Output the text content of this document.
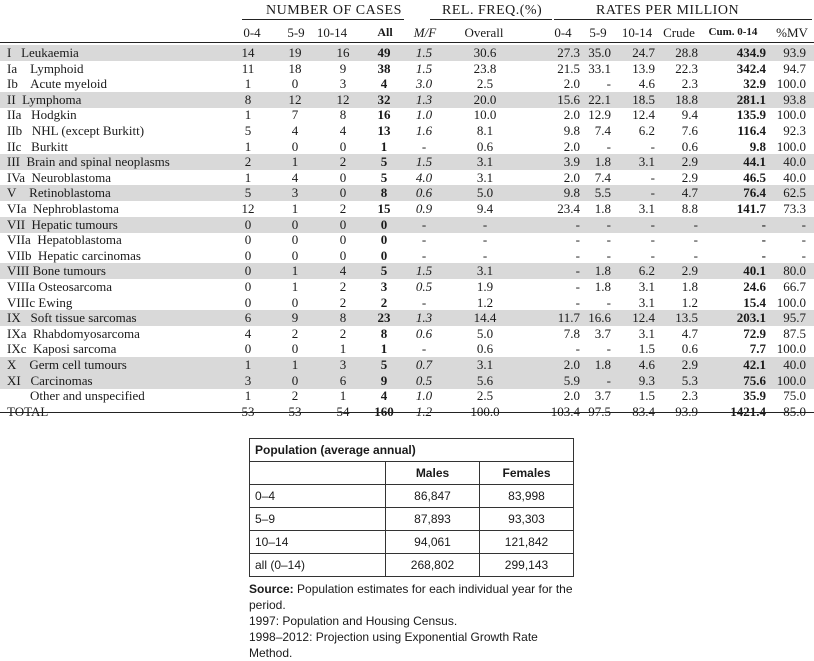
NUMBER OF CASES	REL. FREQ.(%)	RATES PER MILLION
0-4	5-9 10-14	All	M/F	Overall	0-4	5-9	10-14 Crude	Cum. 0-14	%MV
I   Leukaemia	14	19	16	49	1.5	30.6	27.3 35.0	24.7	28.8	434.9	93.9
Ia    Lymphoid	11	18	9	38	1.5	23.8	21.5 33.1	13.9	22.3	342.4	94.7
Ib    Acute myeloid	1	0	3	4	3.0	2.5	2.0	-	4.6	2.3	32.9 100.0
II  Lymphoma	8	12	12	32	1.3	20.0	15.6 22.1	18.5	18.8	281.1	93.8
IIa   Hodgkin	1	7	8	16	1.0	10.0	2.0 12.9	12.4	9.4	135.9 100.0
IIb   NHL (except Burkitt)	5	4	4	13	1.6	8.1	9.8	7.4	6.2	7.6	116.4	92.3
IIc   Burkitt	1	0	0	1	-	0.6	2.0	-	-	0.6	9.8 100.0
III  Brain and spinal neoplasms	2	1	2	5	1.5	3.1	3.9	1.8	3.1	2.9	44.1	40.0
IVa  Neuroblastoma	1	4	0	5	4.0	3.1	2.0	7.4	-	2.9	46.5	40.0
V    Retinoblastoma	5	3	0	8	0.6	5.0	9.8	5.5	-	4.7	76.4	62.5
VIa  Nephroblastoma	12	1	2	15	0.9	9.4	23.4	1.8	3.1	8.8	141.7	73.3
VII  Hepatic tumours	0	0	0	0	-	-	-	-	-	-	-	-
VIIa  Hepatoblastoma	0	0	0	0	-	-	-	-	-	-	-	-
VIIb  Hepatic carcinomas	0	0	0	0	-	-	-	-	-	-	-	-
VIII Bone tumours	0	1	4	5	1.5	3.1	-	1.8	6.2	2.9	40.1	80.0
VIIIa Osteosarcoma	0	1	2	3	0.5	1.9	-	1.8	3.1	1.8	24.6	66.7
VIIIc Ewing	0	0	2	2	-	1.2	-	-	3.1	1.2	15.4 100.0
IX   Soft tissue sarcomas	6	9	8	23	1.3	14.4	11.7 16.6	12.4	13.5	203.1	95.7
IXa  Rhabdomyosarcoma	4	2	2	8	0.6	5.0	7.8	3.7	3.1	4.7	72.9	87.5
IXc  Kaposi sarcoma	0	0	1	1	-	0.6	-	-	1.5	0.6	7.7 100.0
X    Germ cell tumours	1	1	3	5	0.7	3.1	2.0	1.8	4.6	2.9	42.1	40.0
XI   Carcinomas	3	0	6	9	0.5	5.6	5.9	-	9.3	5.3	75.6 100.0
Other and unspecified	1	2	1	4	1.0	2.5	2.0	3.7	1.5	2.3	35.9	75.0
TOTAL	53	53	54	160	1.2	100.0	103.4 97.5	83.4	93.9	1421.4	85.0
Population (average annual)		
	Males	Females
0–4	86,847	83,998
5–9	87,893	93,303
10–14	94,061	121,842
all (0–14)	268,802	299,143
Source: Population estimates for each individual year for the period.
1997: Population and Housing Census.
1998–2012: Projection using Exponential Growth Rate Method.
